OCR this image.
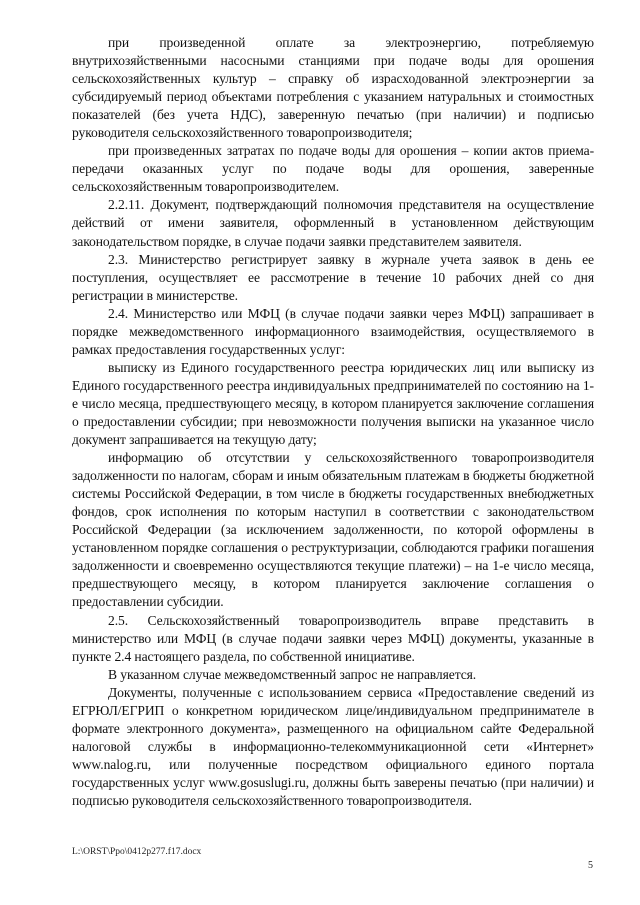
при произведенной оплате за электроэнергию, потребляемую внутрихозяйственными насосными станциями при подаче воды для орошения сельскохозяйственных культур – справку об израсходованной электроэнергии за субсидируемый период объектами потребления с указанием натуральных и стоимостных показателей (без учета НДС), заверенную печатью (при наличии) и подписью руководителя сельскохозяйственного товаропроизводителя;

при произведенных затратах по подаче воды для орошения – копии актов приема-передачи оказанных услуг по подаче воды для орошения, заверенные сельскохозяйственным товаропроизводителем.

2.2.11. Документ, подтверждающий полномочия представителя на осуществление действий от имени заявителя, оформленный в установленном действующим законодательством порядке, в случае подачи заявки представителем заявителя.

2.3. Министерство регистрирует заявку в журнале учета заявок в день ее поступления, осуществляет ее рассмотрение в течение 10 рабочих дней со дня регистрации в министерстве.

2.4. Министерство или МФЦ (в случае подачи заявки через МФЦ) запрашивает в порядке межведомственного информационного взаимодействия, осуществляемого в рамках предоставления государственных услуг:

выписку из Единого государственного реестра юридических лиц или выписку из Единого государственного реестра индивидуальных предпринимателей по состоянию на 1-е число месяца, предшествующего месяцу, в котором планируется заключение соглашения о предоставлении субсидии; при невозможности получения выписки на указанное число документ запрашивается на текущую дату;

информацию об отсутствии у сельскохозяйственного товаропроизводителя задолженности по налогам, сборам и иным обязательным платежам в бюджеты бюджетной системы Российской Федерации, в том числе в бюджеты государственных внебюджетных фондов, срок исполнения по которым наступил в соответствии с законодательством Российской Федерации (за исключением задолженности, по которой оформлены в установленном порядке соглашения о реструктуризации, соблюдаются графики погашения задолженности и своевременно осуществляются текущие платежи) – на 1-е число месяца, предшествующего месяцу, в котором планируется заключение соглашения о предоставлении субсидии.

2.5. Сельскохозяйственный товаропроизводитель вправе представить в министерство или МФЦ (в случае подачи заявки через МФЦ) документы, указанные в пункте 2.4 настоящего раздела, по собственной инициативе.

В указанном случае межведомственный запрос не направляется.

Документы, полученные с использованием сервиса «Предоставление сведений из ЕГРЮЛ/ЕГРИП о конкретном юридическом лице/индивидуальном предпринимателе в формате электронного документа», размещенного на официальном сайте Федеральной налоговой службы в информационно-телекоммуникационной сети «Интернет» www.nalog.ru, или полученные посредством официального единого портала государственных услуг www.gosuslugi.ru, должны быть заверены печатью (при наличии) и подписью руководителя сельскохозяйственного товаропроизводителя.

L:\ORST\Ppo\0412p277.f17.docx
5
